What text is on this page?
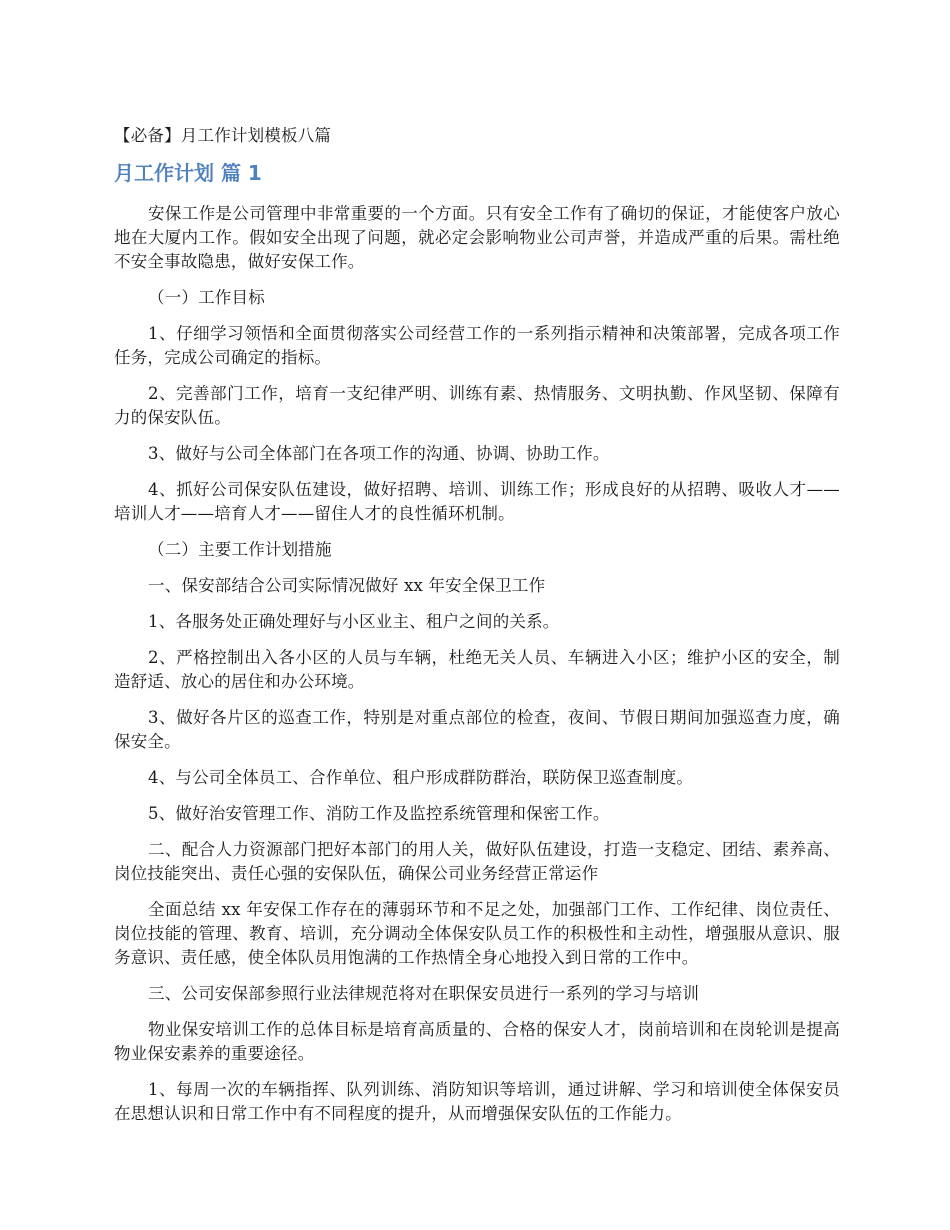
【必备】月工作计划模板八篇
月工作计划 篇 1

安保工作是公司管理中非常重要的一个方面。只有安全工作有了确切的保证，才能使客户放心地在大厦内工作。假如安全出现了问题，就必定会影响物业公司声誉，并造成严重的后果。需杜绝不安全事故隐患，做好安保工作。

（一）工作目标

1、仔细学习领悟和全面贯彻落实公司经营工作的一系列指示精神和决策部署，完成各项工作任务，完成公司确定的指标。

2、完善部门工作，培育一支纪律严明、训练有素、热情服务、文明执勤、作风坚韧、保障有力的保安队伍。

3、做好与公司全体部门在各项工作的沟通、协调、协助工作。

4、抓好公司保安队伍建设，做好招聘、培训、训练工作；形成良好的从招聘、吸收人才——培训人才——培育人才——留住人才的良性循环机制。

（二）主要工作计划措施

一、保安部结合公司实际情况做好 xx 年安全保卫工作

1、各服务处正确处理好与小区业主、租户之间的关系。

2、严格控制出入各小区的人员与车辆，杜绝无关人员、车辆进入小区；维护小区的安全，制造舒适、放心的居住和办公环境。

3、做好各片区的巡查工作，特别是对重点部位的检查，夜间、节假日期间加强巡查力度，确保安全。

4、与公司全体员工、合作单位、租户形成群防群治，联防保卫巡查制度。

5、做好治安管理工作、消防工作及监控系统管理和保密工作。

二、配合人力资源部门把好本部门的用人关，做好队伍建设，打造一支稳定、团结、素养高、岗位技能突出、责任心强的安保队伍，确保公司业务经营正常运作

全面总结 xx 年安保工作存在的薄弱环节和不足之处，加强部门工作、工作纪律、岗位责任、岗位技能的管理、教育、培训，充分调动全体保安队员工作的积极性和主动性，增强服从意识、服务意识、责任感，使全体队员用饱满的工作热情全身心地投入到日常的工作中。

三、公司安保部参照行业法律规范将对在职保安员进行一系列的学习与培训

物业保安培训工作的总体目标是培育高质量的、合格的保安人才，岗前培训和在岗轮训是提高物业保安素养的重要途径。

1、每周一次的车辆指挥、队列训练、消防知识等培训，通过讲解、学习和培训使全体保安员在思想认识和日常工作中有不同程度的提升，从而增强保安队伍的工作能力。
